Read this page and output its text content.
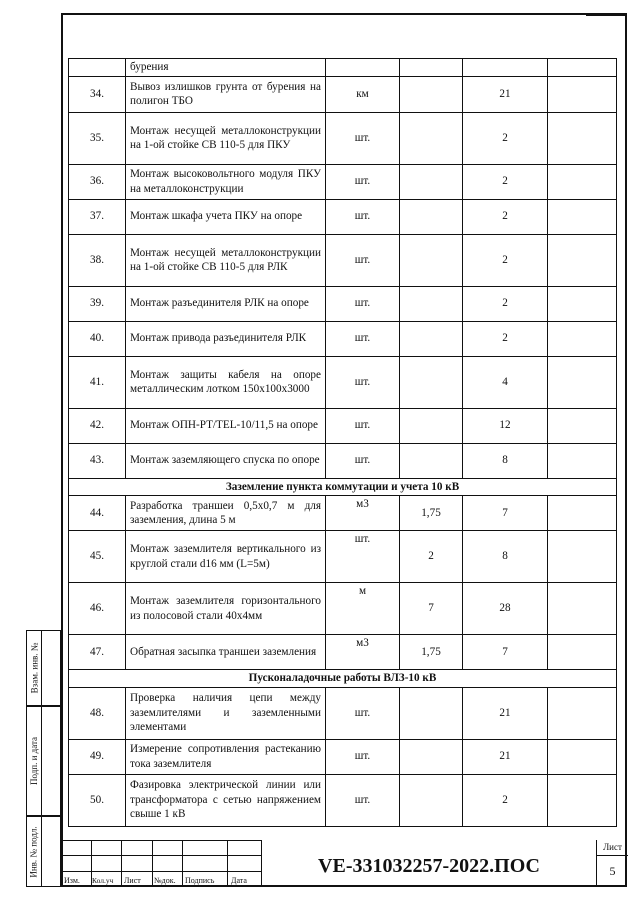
	бурения				
34.	Вывоз излишков грунта от бурения на полигон ТБО	км		21	
35.	Монтаж несущей металлоконструкции на 1-ой стойке СВ 110-5 для ПКУ	шт.		2	
36.	Монтаж высоковольтного модуля ПКУ на металлоконструкции	шт.		2	
37.	Монтаж шкафа учета ПКУ на опоре	шт.		2	
38.	Монтаж несущей металлоконструкции на 1-ой стойке СВ 110-5 для РЛК	шт.		2	
39.	Монтаж разъединителя РЛК на опоре	шт.		2	
40.	Монтаж привода разъединителя РЛК	шт.		2	
41.	Монтаж защиты кабеля на опоре металлическим лотком 150х100х3000	шт.		4	
42.	Монтаж ОПН-РТ/TEL-10/11,5 на опоре	шт.		12	
43.	Монтаж заземляющего спуска по опоре	шт.		8	
Заземление пункта коммутации и учета 10 кВ					
44.	Разработка траншеи 0,5х0,7 м для заземления, длина 5 м	м3	1,75	7	
45.	Монтаж заземлителя вертикального из круглой стали d16 мм (L=5м)	шт.	2	8	
46.	Монтаж заземлителя горизонтального из полосовой стали 40х4мм	м	7	28	
47.	Обратная засыпка траншеи заземления	м3	1,75	7	
Пусконаладочные работы ВЛЗ-10 кВ					
48.	Проверка наличия цепи между заземлителями и заземленными элементами	шт.		21	
49.	Измерение сопротивления растеканию тока заземлителя	шт.		21	
50.	Фазировка электрической линии или трансформатора с сетью напряжением свыше 1 кВ	шт.		2	
Взам. инв. №
Подп. и дата
Инв. № подл.
Изм. Кол.уч Лист №док. Подпись Дата
VE-331032257-2022.ПОС
Лист
5
